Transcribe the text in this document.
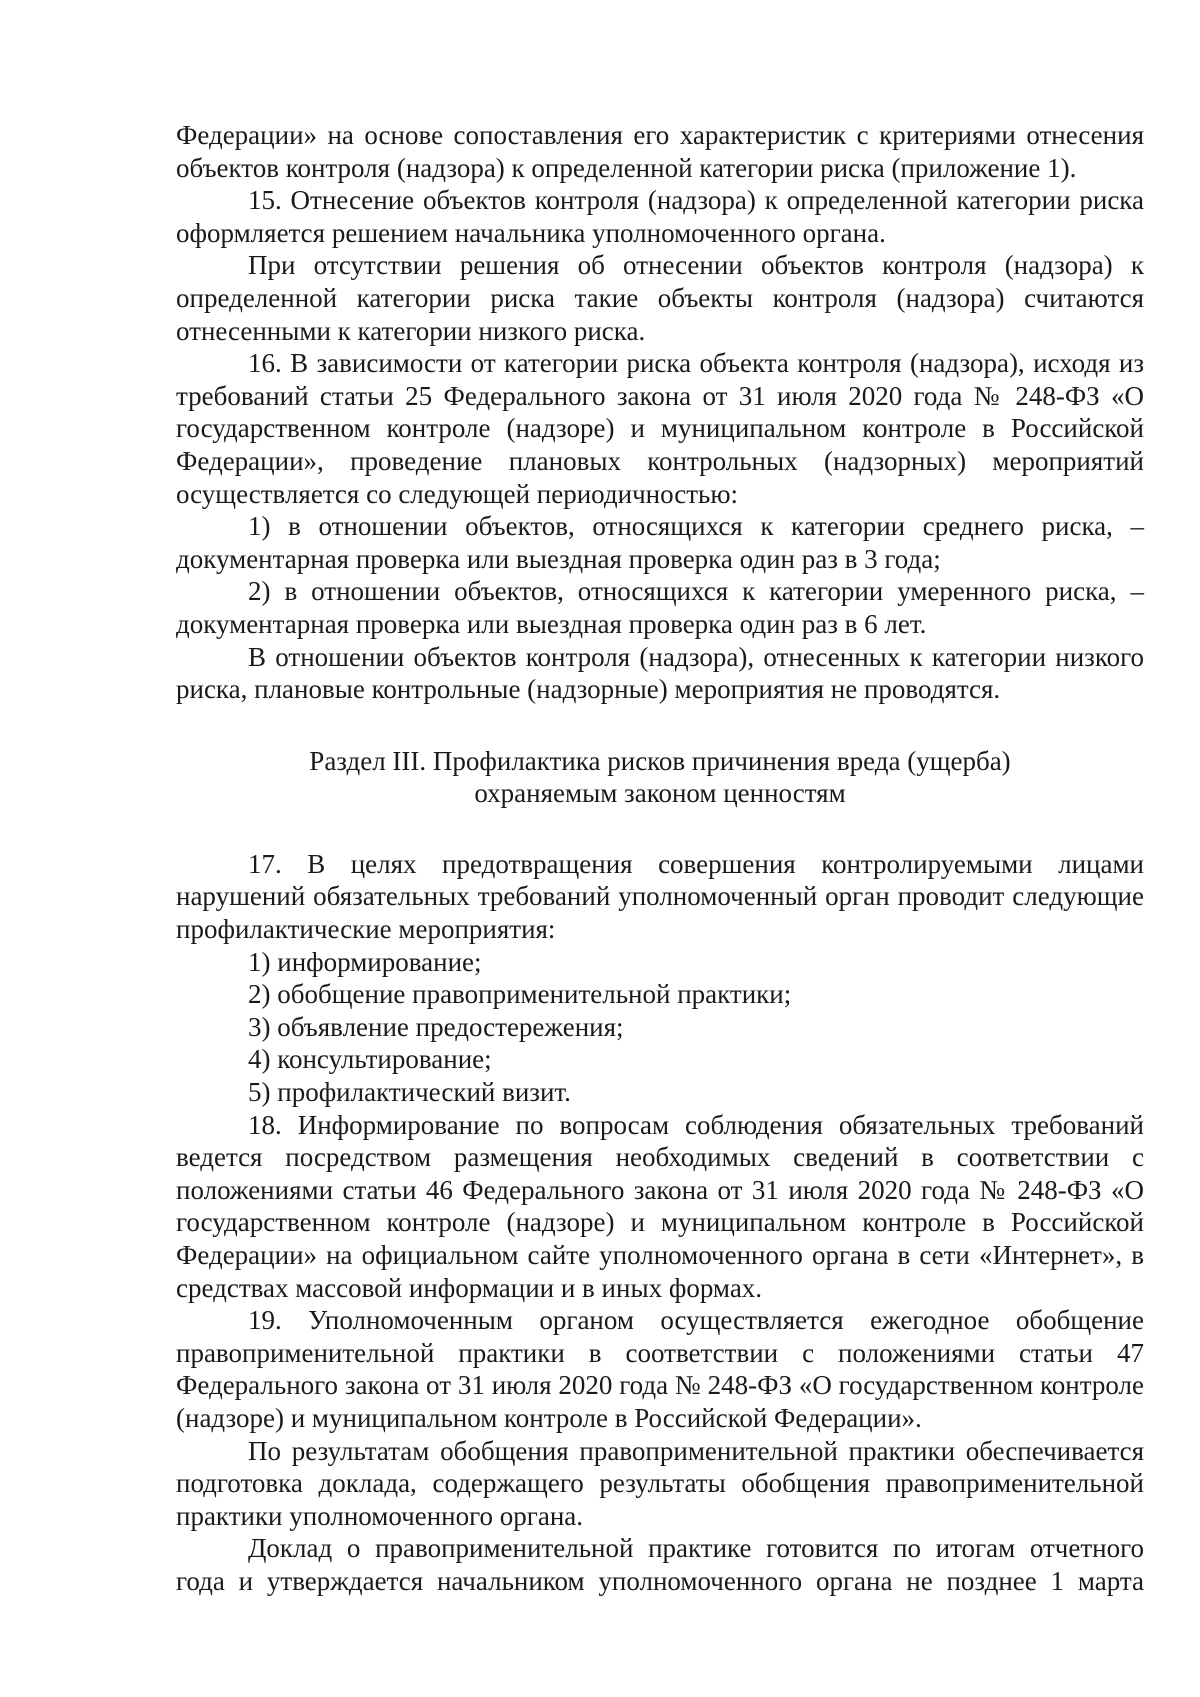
Федерации» на основе сопоставления его характеристик с критериями отнесения объектов контроля (надзора) к определенной категории риска (приложение 1).

15. Отнесение объектов контроля (надзора) к определенной категории риска оформляется решением начальника уполномоченного органа.

При отсутствии решения об отнесении объектов контроля (надзора) к определенной категории риска такие объекты контроля (надзора) считаются отнесенными к категории низкого риска.

16. В зависимости от категории риска объекта контроля (надзора), исходя из требований статьи 25 Федерального закона от 31 июля 2020 года № 248-ФЗ «О государственном контроле (надзоре) и муниципальном контроле в Российской Федерации», проведение плановых контрольных (надзорных) мероприятий осуществляется со следующей периодичностью:

1) в отношении объектов, относящихся к категории среднего риска, – документарная проверка или выездная проверка один раз в 3 года;

2) в отношении объектов, относящихся к категории умеренного риска, – документарная проверка или выездная проверка один раз в 6 лет.

В отношении объектов контроля (надзора), отнесенных к категории низкого риска, плановые контрольные (надзорные) мероприятия не проводятся.

Раздел III. Профилактика рисков причинения вреда (ущерба)
охраняемым законом ценностям

17. В целях предотвращения совершения контролируемыми лицами нарушений обязательных требований уполномоченный орган проводит следующие профилактические мероприятия:

1) информирование;

2) обобщение правоприменительной практики;

3) объявление предостережения;

4) консультирование;

5) профилактический визит.

18. Информирование по вопросам соблюдения обязательных требований ведется посредством размещения необходимых сведений в соответствии с положениями статьи 46 Федерального закона от 31 июля 2020 года № 248-ФЗ «О государственном контроле (надзоре) и муниципальном контроле в Российской Федерации» на официальном сайте уполномоченного органа в сети «Интернет», в средствах массовой информации и в иных формах.

19. Уполномоченным органом осуществляется ежегодное обобщение правоприменительной практики в соответствии с положениями статьи 47 Федерального закона от 31 июля 2020 года № 248-ФЗ «О государственном контроле (надзоре) и муниципальном контроле в Российской Федерации».

По результатам обобщения правоприменительной практики обеспечивается подготовка доклада, содержащего результаты обобщения правоприменительной практики уполномоченного органа.

Доклад о правоприменительной практике готовится по итогам отчетного года и утверждается начальником уполномоченного органа не позднее 1 марта
